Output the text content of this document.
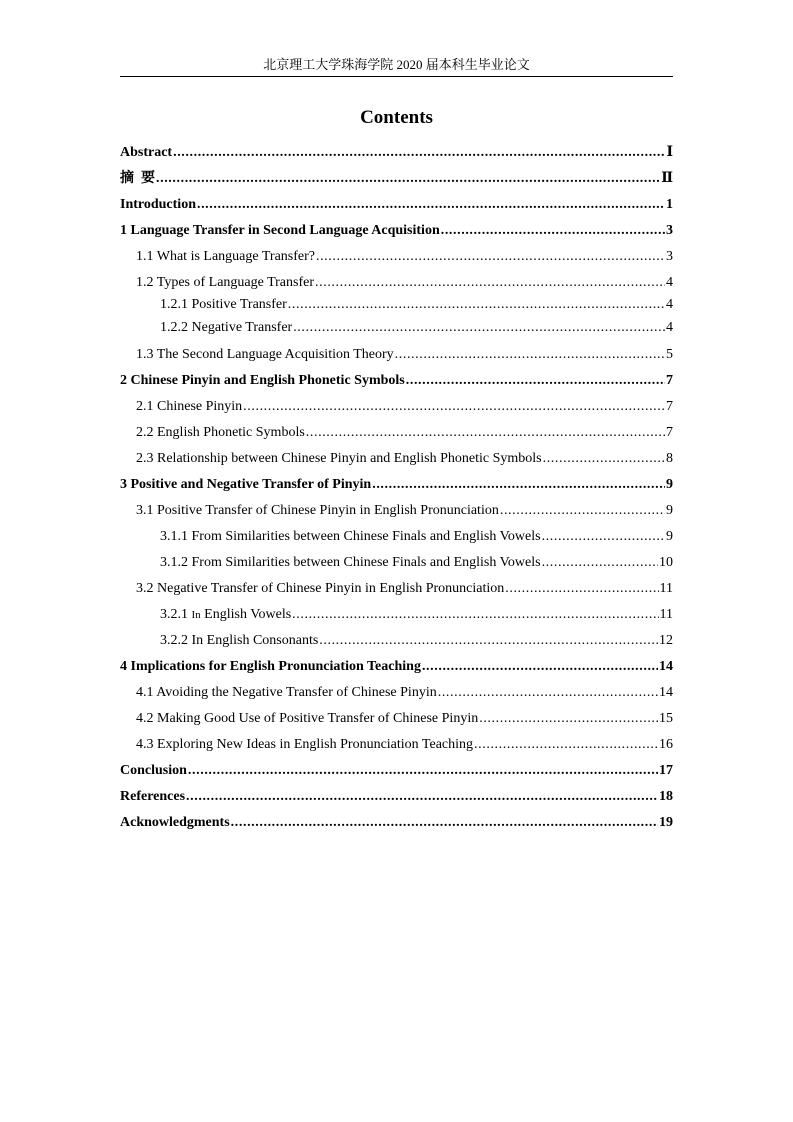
北京理工大学珠海学院 2020 届本科生毕业论文
Contents
Abstract .....	Ⅰ
摘  要 .....	Ⅱ
Introduction .....	1
1 Language Transfer in Second Language Acquisition .....	3
1.1 What is Language Transfer? .....	3
1.2 Types of Language Transfer .....	4
1.2.1 Positive Transfer .....	4
1.2.2 Negative Transfer .....	4
1.3 The Second Language Acquisition Theory .....	5
2 Chinese Pinyin and English Phonetic Symbols .....	7
2.1 Chinese Pinyin .....	7
2.2 English Phonetic Symbols .....	7
2.3 Relationship between Chinese Pinyin and English Phonetic Symbols .....	8
3 Positive and Negative Transfer of Pinyin .....	9
3.1 Positive Transfer of Chinese Pinyin in English Pronunciation .....	9
3.1.1 From Similarities between Chinese Finals and English Vowels .....	9
3.1.2 From Similarities between Chinese Finals and English Vowels .....	10
3.2 Negative Transfer of Chinese Pinyin in English Pronunciation .....	11
3.2.1 In English Vowels .....	11
3.2.2 In English Consonants .....	12
4 Implications for English Pronunciation Teaching .....	14
4.1 Avoiding the Negative Transfer of Chinese Pinyin .....	14
4.2 Making Good Use of Positive Transfer of Chinese Pinyin .....	15
4.3 Exploring New Ideas in English Pronunciation Teaching .....	16
Conclusion .....	17
References .....	18
Acknowledgments .....	19
